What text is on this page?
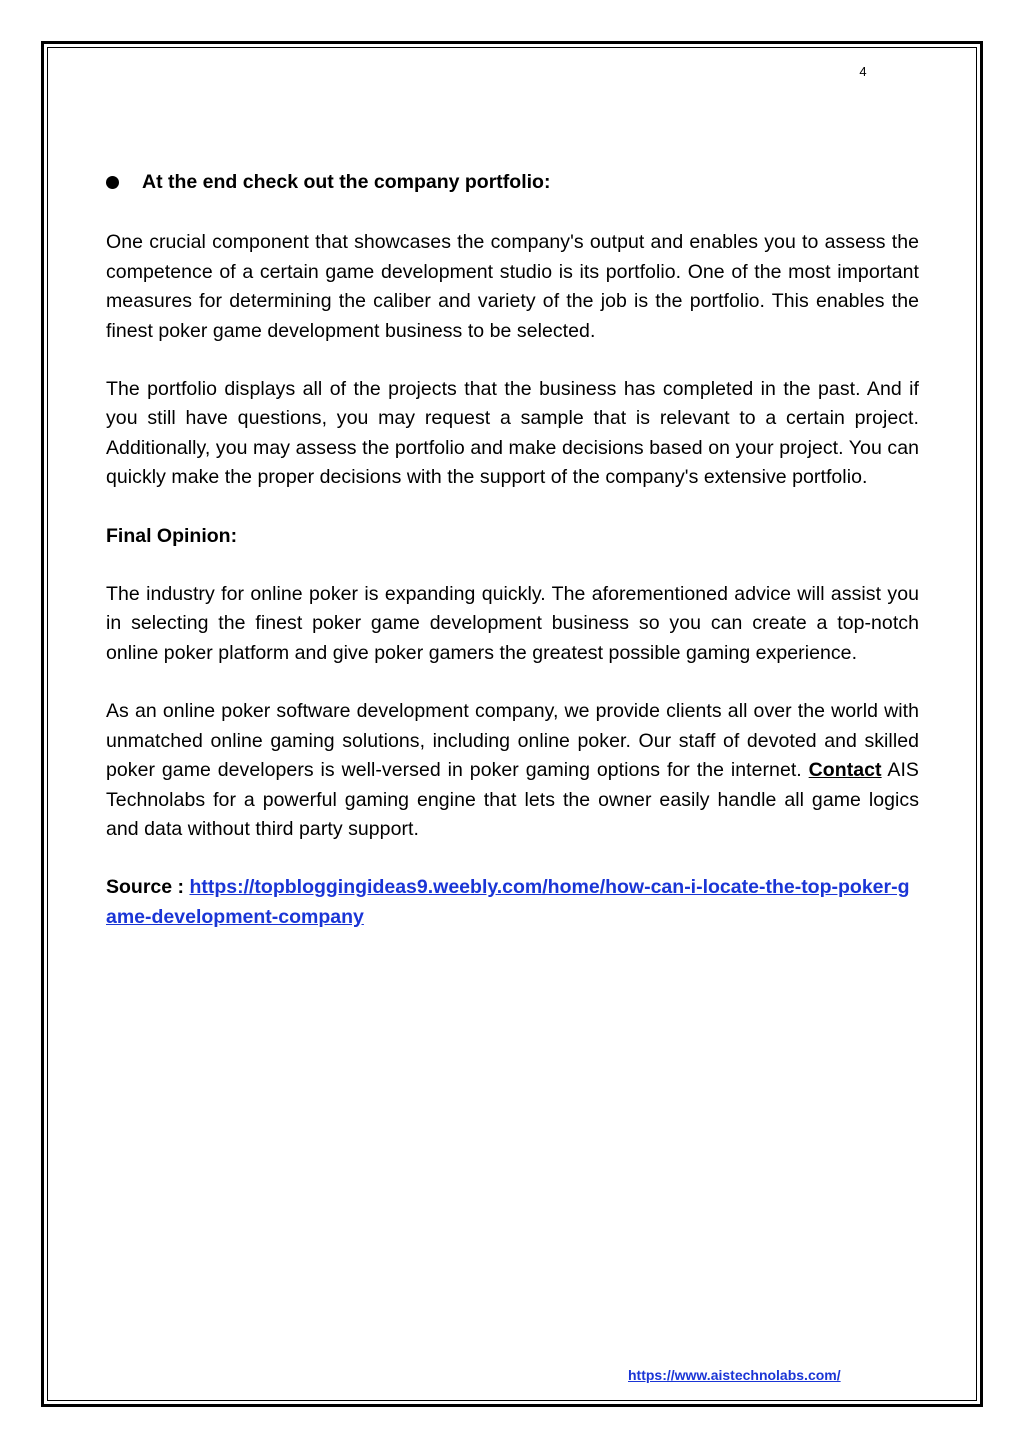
4
At the end check out the company portfolio:

One crucial component that showcases the company's output and enables you to assess the competence of a certain game development studio is its portfolio. One of the most important measures for determining the caliber and variety of the job is the portfolio. This enables the finest poker game development business to be selected.

The portfolio displays all of the projects that the business has completed in the past. And if you still have questions, you may request a sample that is relevant to a certain project. Additionally, you may assess the portfolio and make decisions based on your project. You can quickly make the proper decisions with the support of the company's extensive portfolio.

Final Opinion:

The industry for online poker is expanding quickly. The aforementioned advice will assist you in selecting the finest poker game development business so you can create a top-notch online poker platform and give poker gamers the greatest possible gaming experience.

As an online poker software development company, we provide clients all over the world with unmatched online gaming solutions, including online poker. Our staff of devoted and skilled poker game developers is well-versed in poker gaming options for the internet. Contact AIS Technolabs for a powerful gaming engine that lets the owner easily handle all game logics and data without third party support.

Source : https://topbloggingideas9.weebly.com/home/how-can-i-locate-the-top-poker-game-development-company

https://www.aistechnolabs.com/
